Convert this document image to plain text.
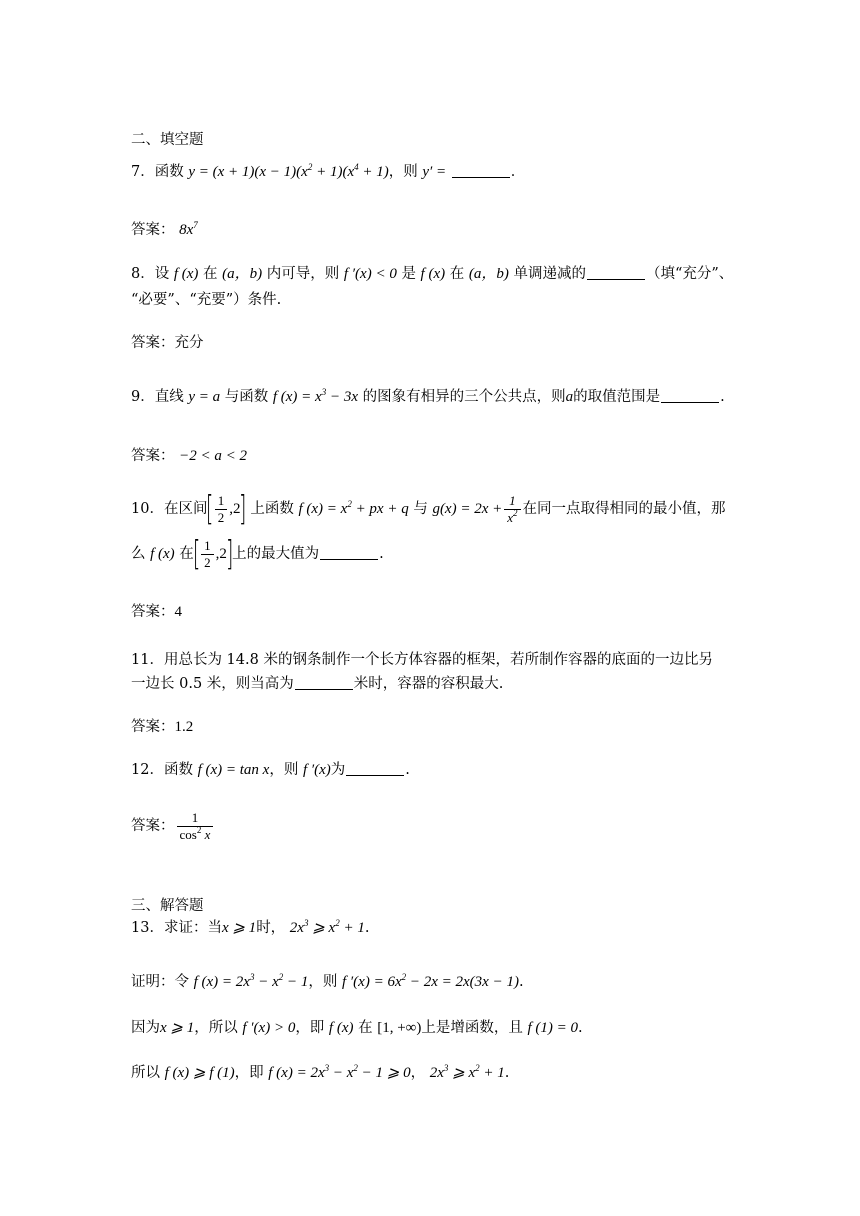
二、填空题
7．函数 $y = (x + 1)(x - 1)(x^2 + 1)(x^4 + 1)$，则 y′ =	．
答案： $8x^7$
8．设 f (x) 在 (a，b) 内可导，则 f ′(x) < 0 是 f (x) 在 (a，b) 单调递减的	（填“充分”、
“必要”、“充要”）条件.
答案：充分
9．直线 y = a 与函数 f $(x) = x^3 - 3x$ 的图象有相异的三个公共点，则a的取值范围是	.
答案： −2 < a < 2
10．在区间[ $\frac{1}{2} ,2$] 上函数 f $(x) = x^2$ + px + q 与 $g(x) = 2x + \frac{1}{x^2}$ 在同一点取得相同的最小值，那
么 f (x) 在[ $\frac{1}{2} ,2$]上的最大值为	.
答案：4
11．用总长为 14.8 米的钢条制作一个长方体容器的框架，若所制作容器的底面的一边比另
一边长 0.5 米，则当高为	米时，容器的容积最大.
答案：1.2
12．函数 f (x) = tan x，则 f ′(x)为	.
答案： $\frac{1}{\cos^2 x}$
三、解答题
13．求证：当x ⩾ 1时， $2x^3$ ⩾ $x^2 + 1$.
证明：令 f $(x) = 2x^3 - x^2 - 1$，则 f $'(x) = 6x^2 - 2x = 2x(3x - 1)$.
因为x ⩾ 1，所以 f ′(x) > 0，即 f (x) 在 [1, +∞)上是增函数，且 f (1) = 0.
所以 f (x) ⩾ f (1)，即 f $(x) = 2x^3 - x^2 - 1$ ⩾ 0， $2x^3$ ⩾ $x^2 + 1$.
